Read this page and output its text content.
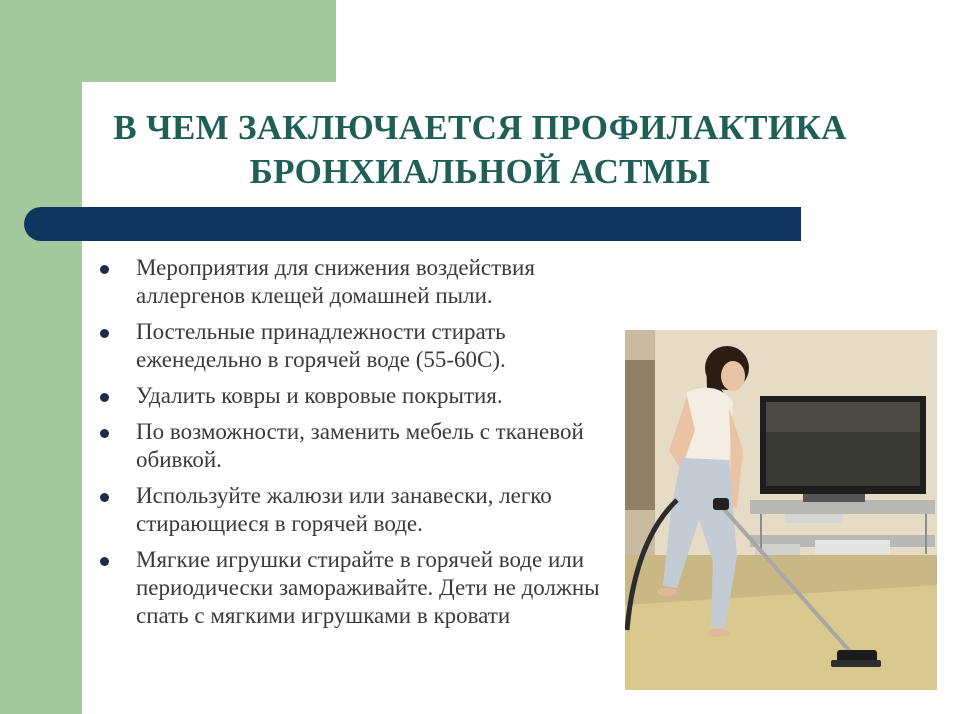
В ЧЕМ ЗАКЛЮЧАЕТСЯ ПРОФИЛАКТИКА
БРОНХИАЛЬНОЙ АСТМЫ
Мероприятия для снижения воздействия аллергенов клещей домашней пыли.
Постельные принадлежности стирать еженедельно в горячей воде (55-60С).
Удалить ковры и ковровые покрытия.
По возможности, заменить мебель с тканевой обивкой.
Используйте жалюзи или занавески, легко стирающиеся в горячей воде.
Мягкие игрушки стирайте в горячей воде или периодически замораживайте. Дети не должны спать с мягкими игрушками в кровати
